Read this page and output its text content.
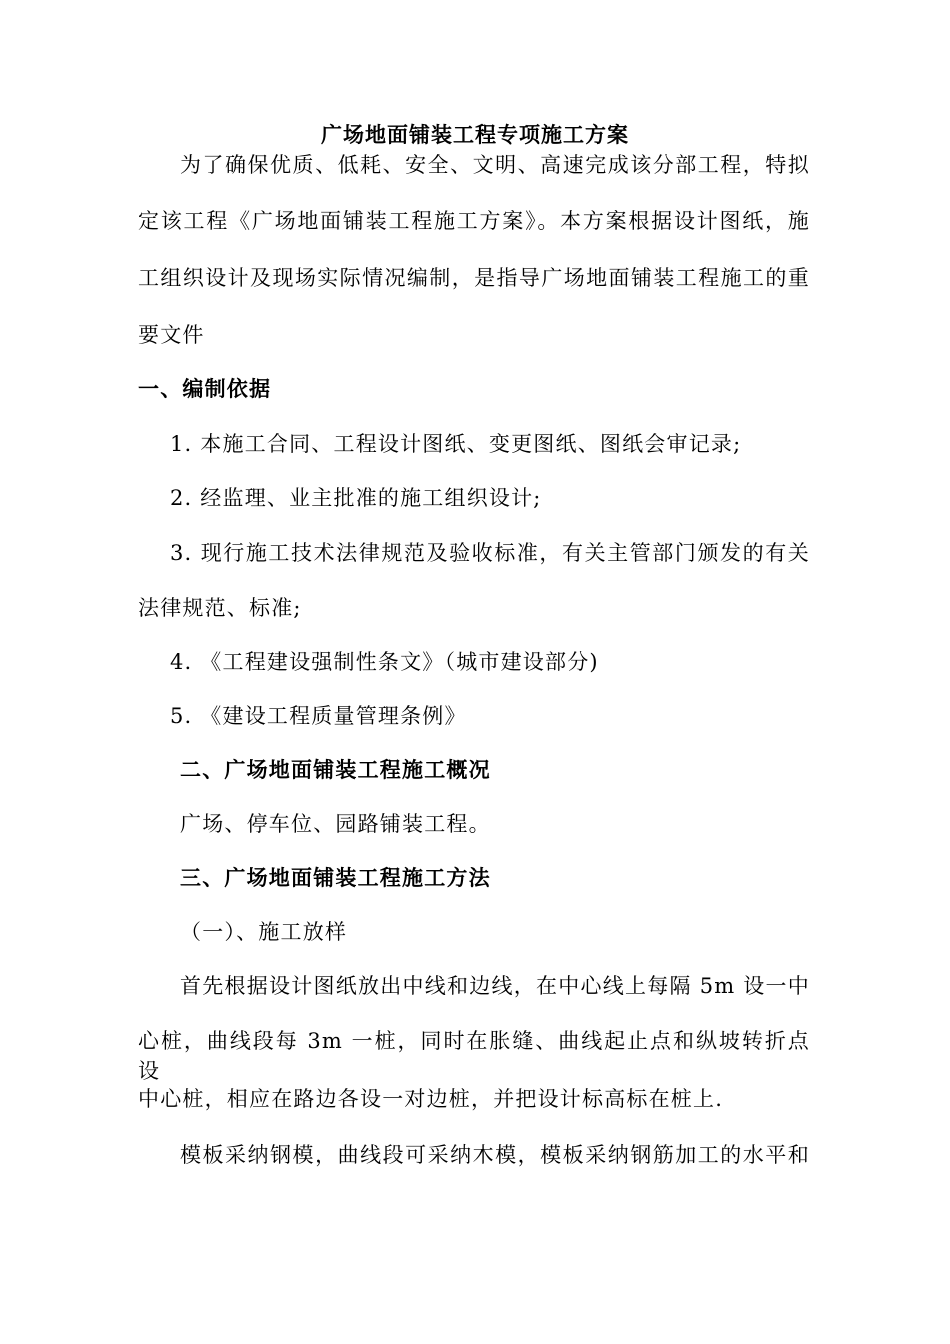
广场地面铺装工程专项施工方案
为了确保优质、低耗、安全、文明、高速完成该分部工程，特拟
定该工程《广场地面铺装工程施工方案》。本方案根据设计图纸，施
工组织设计及现场实际情况编制，是指导广场地面铺装工程施工的重
要文件
一、编制依据
1. 本施工合同、工程设计图纸、变更图纸、图纸会审记录;
2. 经监理、业主批准的施工组织设计;
3. 现行施工技术法律规范及验收标准，有关主管部门颁发的有关
法律规范、标准;
4. 《工程建设强制性条文》（城市建设部分)
5. 《建设工程质量管理条例》
二、广场地面铺装工程施工概况
广场、停车位、园路铺装工程。
三、广场地面铺装工程施工方法
（一）、施工放样
首先根据设计图纸放出中线和边线，在中心线上每隔 5m 设一中
心桩，曲线段每 3m 一桩，同时在胀缝、曲线起止点和纵坡转折点设
中心桩，相应在路边各设一对边桩，并把设计标高标在桩上.
模板采纳钢模，曲线段可采纳木模，模板采纳钢筋加工的水平和
